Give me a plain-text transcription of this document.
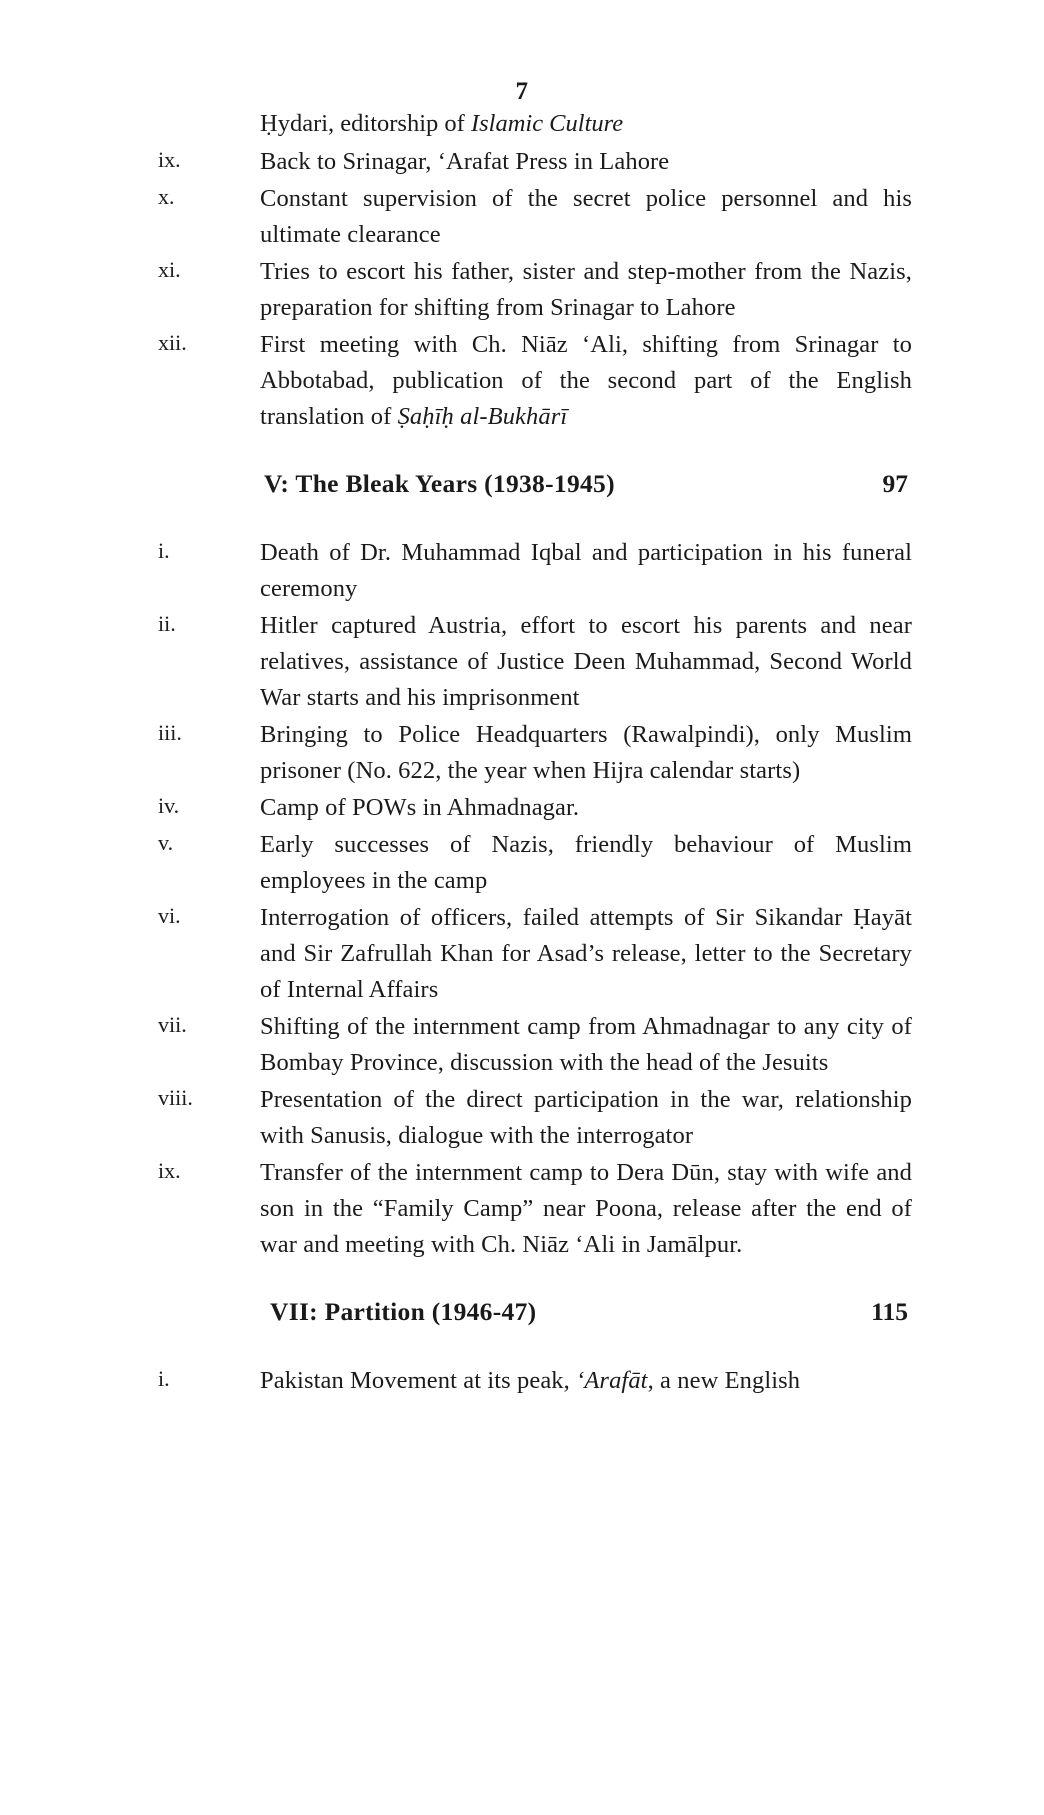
7
Ḥydari, editorship of Islamic Culture
ix.	Back to Srinagar, ‘Arafat Press in Lahore
x.	Constant supervision of the secret police personnel and his ultimate clearance
xi.	Tries to escort his father, sister and step-mother from the Nazis, preparation for shifting from Srinagar to Lahore
xii.	First meeting with Ch. Niāz ‘Ali, shifting from Srinagar to Abbotabad, publication of the second part of the English translation of Ṣaḥīḥ al-Bukhārī
V: The Bleak Years (1938-1945)	97
i.	Death of Dr. Muhammad Iqbal and participation in his funeral ceremony
ii.	Hitler captured Austria, effort to escort his parents and near relatives, assistance of Justice Deen Muhammad, Second World War starts and his imprisonment
iii.	Bringing to Police Headquarters (Rawalpindi), only Muslim prisoner (No. 622, the year when Hijra calendar starts)
iv.	Camp of POWs in Ahmadnagar.
v.	Early successes of Nazis, friendly behaviour of Muslim employees in the camp
vi.	Interrogation of officers, failed attempts of Sir Sikandar Ḥayāt and Sir Zafrullah Khan for Asad’s release, letter to the Secretary of Internal Affairs
vii.	Shifting of the internment camp from Ahmadnagar to any city of Bombay Province, discussion with the head of the Jesuits
viii.	Presentation of the direct participation in the war, relationship with Sanusis, dialogue with the interrogator
ix.	Transfer of the internment camp to Dera Dūn, stay with wife and son in the “Family Camp” near Poona, release after the end of war and meeting with Ch. Niāz ‘Ali in Jamālpur.
VII: Partition (1946-47)	115
i.	Pakistan Movement at its peak, ‘Arafāt, a new English
